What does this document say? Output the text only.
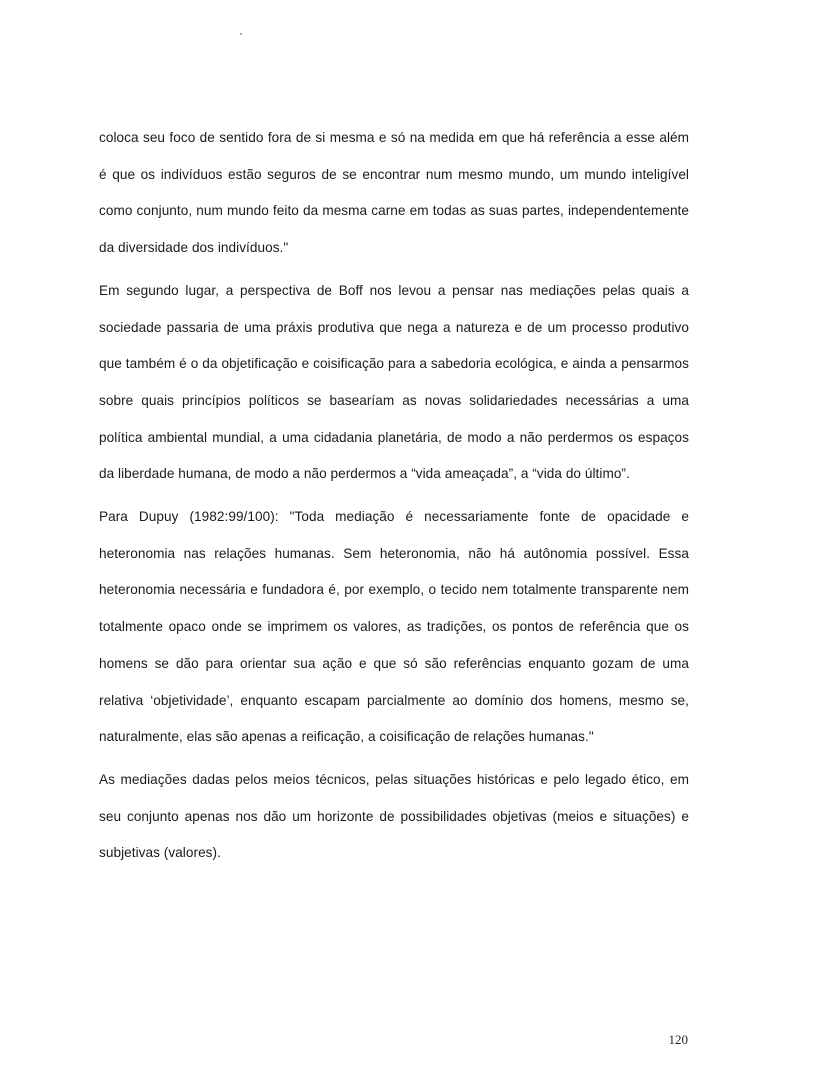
coloca seu foco de sentido fora de si mesma e só na medida em que há referência a esse além é que os indivíduos estão seguros de se encontrar num mesmo mundo, um mundo inteligível como conjunto, num mundo feito da mesma carne em todas as suas partes, independentemente da diversidade dos indivíduos."

Em segundo lugar, a perspectiva de Boff nos levou a pensar nas mediações pelas quais a sociedade passaria de uma práxis produtiva que nega a natureza e de um processo produtivo que também é o da objetificação e coisificação para a sabedoria ecológica, e ainda a pensarmos sobre quais princípios políticos se basearíam as novas solidariedades necessárias a uma política ambiental mundial, a uma cidadania planetária, de modo a não perdermos os espaços da liberdade humana, de modo a não perdermos a “vida ameaçada”, a “vida do último”.

Para Dupuy (1982:99/100): "Toda mediação é necessariamente fonte de opacidade e heteronomia nas relações humanas. Sem heteronomia, não há autônomia possível. Essa heteronomia necessária e fundadora é, por exemplo, o tecido nem totalmente transparente nem totalmente opaco onde se imprimem os valores, as tradições, os pontos de referência que os homens se dão para orientar sua ação e que só são referências enquanto gozam de uma relativa ‘objetividade’, enquanto escapam parcialmente ao domínio dos homens, mesmo se, naturalmente, elas são apenas a reificação, a coisificação de relações humanas."

As mediações dadas pelos meios técnicos, pelas situações históricas e pelo legado ético, em seu conjunto apenas nos dão um horizonte de possibilidades objetivas (meios e situações) e subjetivas (valores).

120
